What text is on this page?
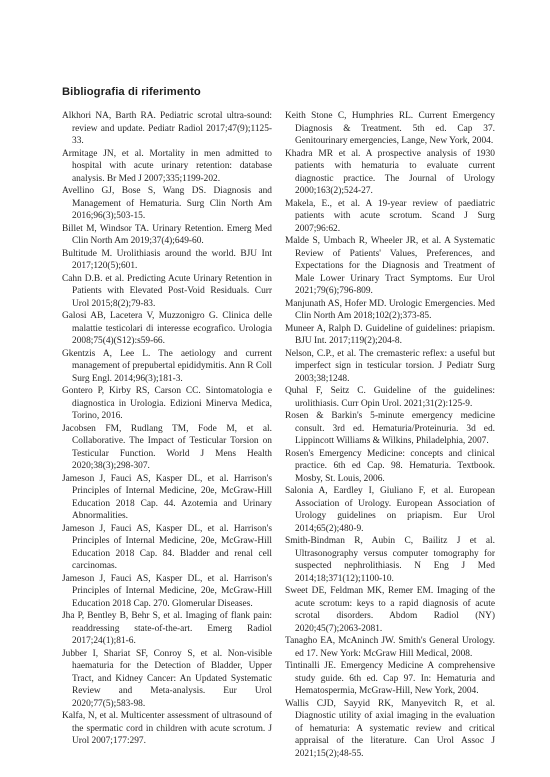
Bibliografia di riferimento

Alkhori NA, Barth RA. Pediatric scrotal ultra-sound: review and update. Pediatr Radiol 2017;47(9);1125-33.

Armitage JN, et al. Mortality in men admitted to hospital with acute urinary retention: database analysis. Br Med J 2007;335;1199-202.

Avellino GJ, Bose S, Wang DS. Diagnosis and Management of Hematuria. Surg Clin North Am 2016;96(3);503-15.

Billet M, Windsor TA. Urinary Retention. Emerg Med Clin North Am 2019;37(4);649-60.

Bultitude M. Urolithiasis around the world. BJU Int 2017;120(5);601.

Cahn D.B. et al. Predicting Acute Urinary Retention in Patients with Elevated Post-Void Residuals. Curr Urol 2015;8(2);79-83.

Galosi AB, Lacetera V, Muzzonigro G. Clinica delle malattie testicolari di interesse ecografico. Urologia 2008;75(4)(S12):s59-66.

Gkentzis A, Lee L. The aetiology and current management of prepubertal epididymitis. Ann R Coll Surg Engl. 2014;96(3);181-3.

Gontero P, Kirby RS, Carson CC. Sintomatologia e diagnostica in Urologia. Edizioni Minerva Medica, Torino, 2016.

Jacobsen FM, Rudlang TM, Fode M, et al. Collaborative. The Impact of Testicular Torsion on Testicular Function. World J Mens Health 2020;38(3);298-307.

Jameson J, Fauci AS, Kasper DL, et al. Harrison's Principles of Internal Medicine, 20e, McGraw-Hill Education 2018 Cap. 44. Azotemia and Urinary Abnormalities.

Jameson J, Fauci AS, Kasper DL, et al. Harrison's Principles of Internal Medicine, 20e, McGraw-Hill Education 2018 Cap. 84. Bladder and renal cell carcinomas.

Jameson J, Fauci AS, Kasper DL, et al. Harrison's Principles of Internal Medicine, 20e, McGraw-Hill Education 2018 Cap. 270. Glomerular Diseases.

Jha P, Bentley B, Behr S, et al. Imaging of flank pain: readdressing state-of-the-art. Emerg Radiol 2017;24(1);81-6.

Jubber I, Shariat SF, Conroy S, et al. Non-visible haematuria for the Detection of Bladder, Upper Tract, and Kidney Cancer: An Updated Systematic Review and Meta-analysis. Eur Urol 2020;77(5);583-98.

Kalfa, N, et al. Multicenter assessment of ultrasound of the spermatic cord in children with acute scrotum. J Urol 2007;177:297.

Keith Stone C, Humphries RL. Current Emergency Diagnosis & Treatment. 5th ed. Cap 37. Genitourinary emergencies, Lange, New York, 2004.

Khadra MR et al. A prospective analysis of 1930 patients with hematuria to evaluate current diagnostic practice. The Journal of Urology 2000;163(2);524-27.

Makela, E., et al. A 19-year review of paediatric patients with acute scrotum. Scand J Surg 2007;96:62.

Malde S, Umbach R, Wheeler JR, et al. A Systematic Review of Patients' Values, Preferences, and Expectations for the Diagnosis and Treatment of Male Lower Urinary Tract Symptoms. Eur Urol 2021;79(6);796-809.

Manjunath AS, Hofer MD. Urologic Emergencies. Med Clin North Am 2018;102(2);373-85.

Muneer A, Ralph D. Guideline of guidelines: priapism. BJU Int. 2017;119(2);204-8.

Nelson, C.P., et al. The cremasteric reflex: a useful but imperfect sign in testicular torsion. J Pediatr Surg 2003;38;1248.

Quhal F, Seitz C. Guideline of the guidelines: urolithiasis. Curr Opin Urol. 2021;31(2):125-9.

Rosen & Barkin's 5-minute emergency medicine consult. 3rd ed. Hematuria/Proteinuria. 3d ed. Lippincott Williams & Wilkins, Philadelphia, 2007.

Rosen's Emergency Medicine: concepts and clinical practice. 6th ed Cap. 98. Hematuria. Textbook. Mosby, St. Louis, 2006.

Salonia A, Eardley I, Giuliano F, et al. European Association of Urology. European Association of Urology guidelines on priapism. Eur Urol 2014;65(2);480-9.

Smith-Bindman R, Aubin C, Bailitz J et al. Ultrasonography versus computer tomography for suspected nephrolithiasis. N Eng J Med 2014;18;371(12);1100-10.

Sweet DE, Feldman MK, Remer EM. Imaging of the acute scrotum: keys to a rapid diagnosis of acute scrotal disorders. Abdom Radiol (NY) 2020;45(7);2063-2081.

Tanagho EA, McAninch JW. Smith's General Urology. ed 17. New York: McGraw Hill Medical, 2008.

Tintinalli JE. Emergency Medicine A comprehensive study guide. 6th ed. Cap 97. In: Hematuria and Hematospermia, McGraw-Hill, New York, 2004.

Wallis CJD, Sayyid RK, Manyevitch R, et al. Diagnostic utility of axial imaging in the evaluation of hematuria: A systematic review and critical appraisal of the literature. Can Urol Assoc J 2021;15(2);48-55.
